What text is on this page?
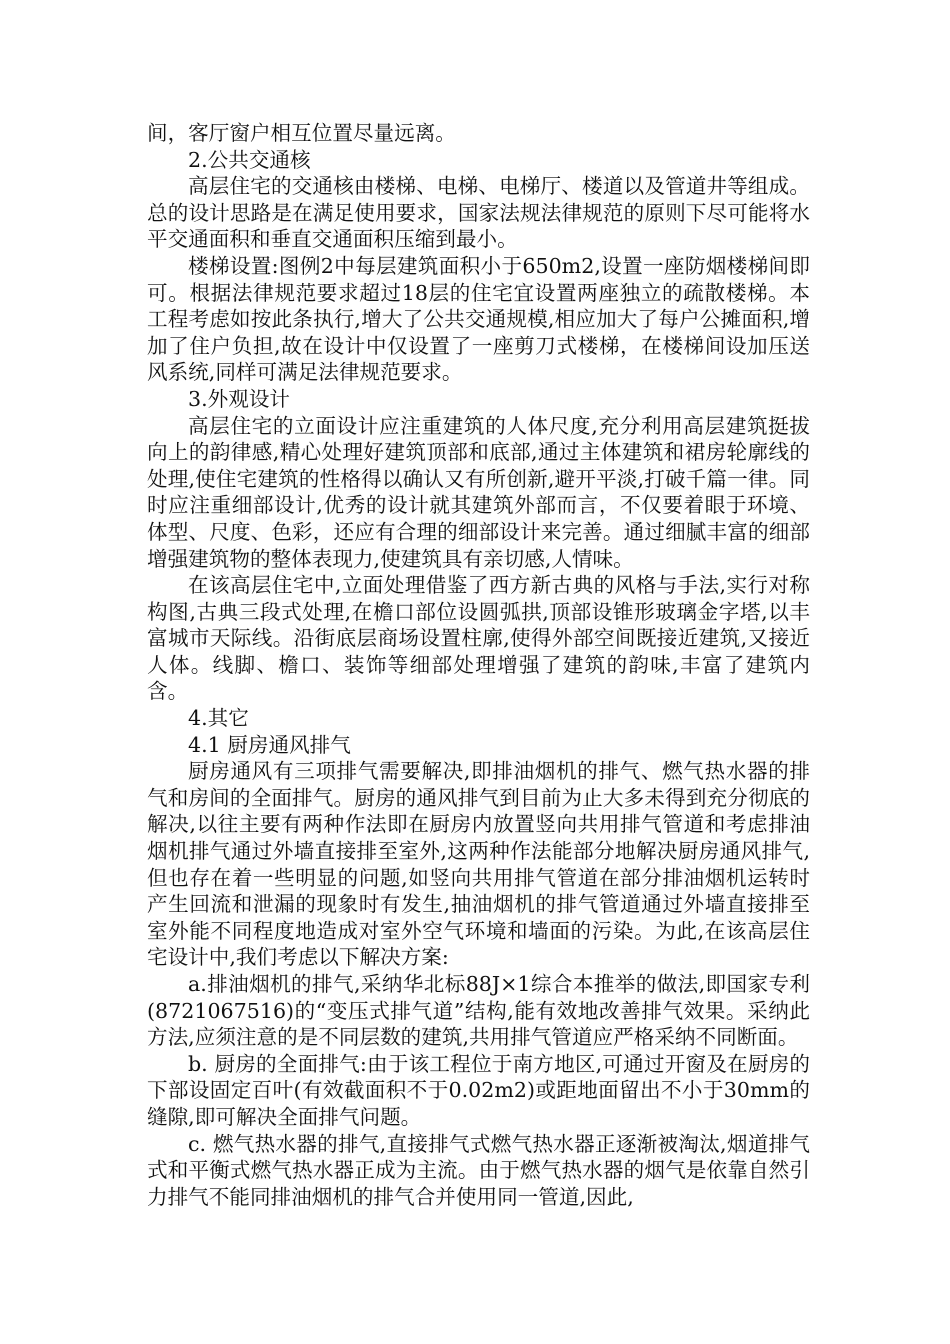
间，客厅窗户相互位置尽量远离。

2.公共交通核

高层住宅的交通核由楼梯、电梯、电梯厅、楼道以及管道井等组成。总的设计思路是在满足使用要求，国家法规法律规范的原则下尽可能将水平交通面积和垂直交通面积压缩到最小。

楼梯设置:图例2中每层建筑面积小于650m2,设置一座防烟楼梯间即可。根据法律规范要求超过18层的住宅宜设置两座独立的疏散楼梯。本工程考虑如按此条执行,增大了公共交通规模,相应加大了每户公摊面积,增加了住户负担,故在设计中仅设置了一座剪刀式楼梯，在楼梯间设加压送风系统,同样可满足法律规范要求。

3.外观设计

高层住宅的立面设计应注重建筑的人体尺度,充分利用高层建筑挺拔向上的韵律感,精心处理好建筑顶部和底部,通过主体建筑和裙房轮廓线的处理,使住宅建筑的性格得以确认又有所创新,避开平淡,打破千篇一律。同时应注重细部设计,优秀的设计就其建筑外部而言，不仅要着眼于环境、体型、尺度、色彩，还应有合理的细部设计来完善。通过细腻丰富的细部增强建筑物的整体表现力,使建筑具有亲切感,人情味。

在该高层住宅中,立面处理借鉴了西方新古典的风格与手法,实行对称构图,古典三段式处理,在檐口部位设圆弧拱,顶部设锥形玻璃金字塔,以丰富城市天际线。沿街底层商场设置柱廓,使得外部空间既接近建筑,又接近人体。线脚、檐口、装饰等细部处理增强了建筑的韵味,丰富了建筑内含。

4.其它

4.1 厨房通风排气

厨房通风有三项排气需要解决,即排油烟机的排气、燃气热水器的排气和房间的全面排气。厨房的通风排气到目前为止大多未得到充分彻底的解决,以往主要有两种作法即在厨房内放置竖向共用排气管道和考虑排油烟机排气通过外墙直接排至室外,这两种作法能部分地解决厨房通风排气,但也存在着一些明显的问题,如竖向共用排气管道在部分排油烟机运转时产生回流和泄漏的现象时有发生,抽油烟机的排气管道通过外墙直接排至室外能不同程度地造成对室外空气环境和墙面的污染。为此,在该高层住宅设计中,我们考虑以下解决方案:

a.排油烟机的排气,采纳华北标88J×1综合本推举的做法,即国家专利(8721067516)的“变压式排气道”结构,能有效地改善排气效果。采纳此方法,应须注意的是不同层数的建筑,共用排气管道应严格采纳不同断面。

b. 厨房的全面排气:由于该工程位于南方地区,可通过开窗及在厨房的下部设固定百叶(有效截面积不于0.02m2)或距地面留出不小于30mm的缝隙,即可解决全面排气问题。

c. 燃气热水器的排气,直接排气式燃气热水器正逐渐被淘汰,烟道排气式和平衡式燃气热水器正成为主流。由于燃气热水器的烟气是依靠自然引力排气不能同排油烟机的排气合并使用同一管道,因此,
